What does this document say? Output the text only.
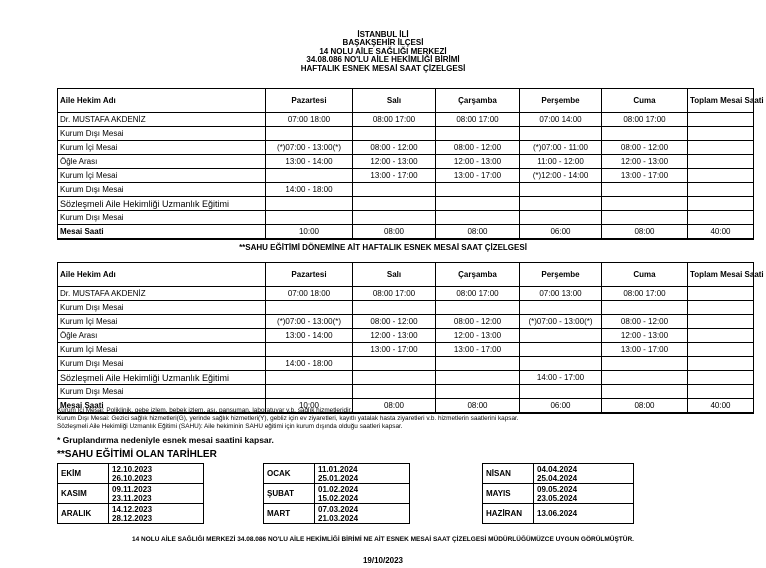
İSTANBUL İLİ
BAŞAKŞEHİR İLÇESİ
14 NOLU AİLE SAĞLIĞI MERKEZİ
34.08.086 NO'LU AİLE HEKİMLİĞİ BİRİMİ
HAFTALIK ESNEK MESAİ SAAT ÇİZELGESİ
Aile Hekim Adı	Pazartesi	Salı	Çarşamba	Perşembe	Cuma	Toplam Mesai Saati
Dr. MUSTAFA AKDENİZ	07:00 18:00	08:00 17:00	08:00 17:00	07:00 14:00	08:00 17:00	
Kurum Dışı Mesai						
Kurum İçi Mesai	(*)07:00 - 13:00(*)	08:00 - 12:00	08:00 - 12:00	(*)07:00 - 11:00	08:00 - 12:00	
Öğle Arası	13:00 - 14:00	12:00 - 13:00	12:00 - 13:00	11:00 - 12:00	12:00 - 13:00	
Kurum İçi Mesai		13:00 - 17:00	13:00 - 17:00	(*)12:00 - 14:00	13:00 - 17:00	
Kurum Dışı Mesai	14:00 - 18:00					
Sözleşmeli Aile Hekimliği Uzmanlık Eğitimi						
Kurum Dışı Mesai						
Mesai Saati	10:00	08:00	08:00	06:00	08:00	40:00
**SAHU EĞİTİMİ DÖNEMİNE AİT HAFTALIK ESNEK MESAİ SAAT ÇİZELGESİ
Aile Hekim Adı	Pazartesi	Salı	Çarşamba	Perşembe	Cuma	Toplam Mesai Saati
Dr. MUSTAFA AKDENİZ	07:00 18:00	08:00 17:00	08:00 17:00	07:00 13:00	08:00 17:00	
Kurum Dışı Mesai						
Kurum İçi Mesai	(*)07:00 - 13:00(*)	08:00 - 12:00	08:00 - 12:00	(*)07:00 - 13:00(*)	08:00 - 12:00	
Öğle Arası	13:00 - 14:00	12:00 - 13:00	12:00 - 13:00		12:00 - 13:00	
Kurum İçi Mesai		13:00 - 17:00	13:00 - 17:00		13:00 - 17:00	
Kurum Dışı Mesai	14:00 - 18:00					
Sözleşmeli Aile Hekimliği Uzmanlık Eğitimi				14:00 - 17:00		
Kurum Dışı Mesai						
Mesai Saati	10:00	08:00	08:00	06:00	08:00	40:00
Kurum İçi Mesai: Poliklinik, gebe izlem, bebek izlem, aşı, pansuman, laboratuvar v.b. sağlık hizmetleridir.
Kurum Dışı Mesai: Gezici sağlık hizmetleri(G), yerinde sağlık hizmetleri(Y), gebliz için ev ziyaretleri, kayıtlı yatalak hasta ziyaretleri v.b. hizmetlerin saatlerini kapsar.
Sözleşmeli Aile Hekimliği Uzmanlık Eğitimi (SAHU): Aile hekiminin SAHU eğitimi için kurum dışında olduğu saatleri kapsar.
* Gruplandırma nedeniyle esnek mesai saatini kapsar.
**SAHU EĞİTİMİ OLAN TARİHLER
EKİM	12.10.2023
26.10.2023

KASIM	09.11.2023
23.11.2023

ARALIK	14.12.2023
28.12.2023
OCAK	11.01.2024
25.01.2024

ŞUBAT	01.02.2024
15.02.2024

MART	07.03.2024
21.03.2024
NİSAN	04.04.2024
25.04.2024

MAYIS	09.05.2024
23.05.2024

HAZİRAN	13.06.2024
14 NOLU AİLE SAĞLIĞI MERKEZİ 34.08.086 NO'LU AİLE HEKİMLİĞİ BİRİMİ NE AİT ESNEK MESAİ SAAT ÇİZELGESİ MÜDÜRLÜĞÜMÜZCE UYGUN GÖRÜLMÜŞTÜR.
19/10/2023
